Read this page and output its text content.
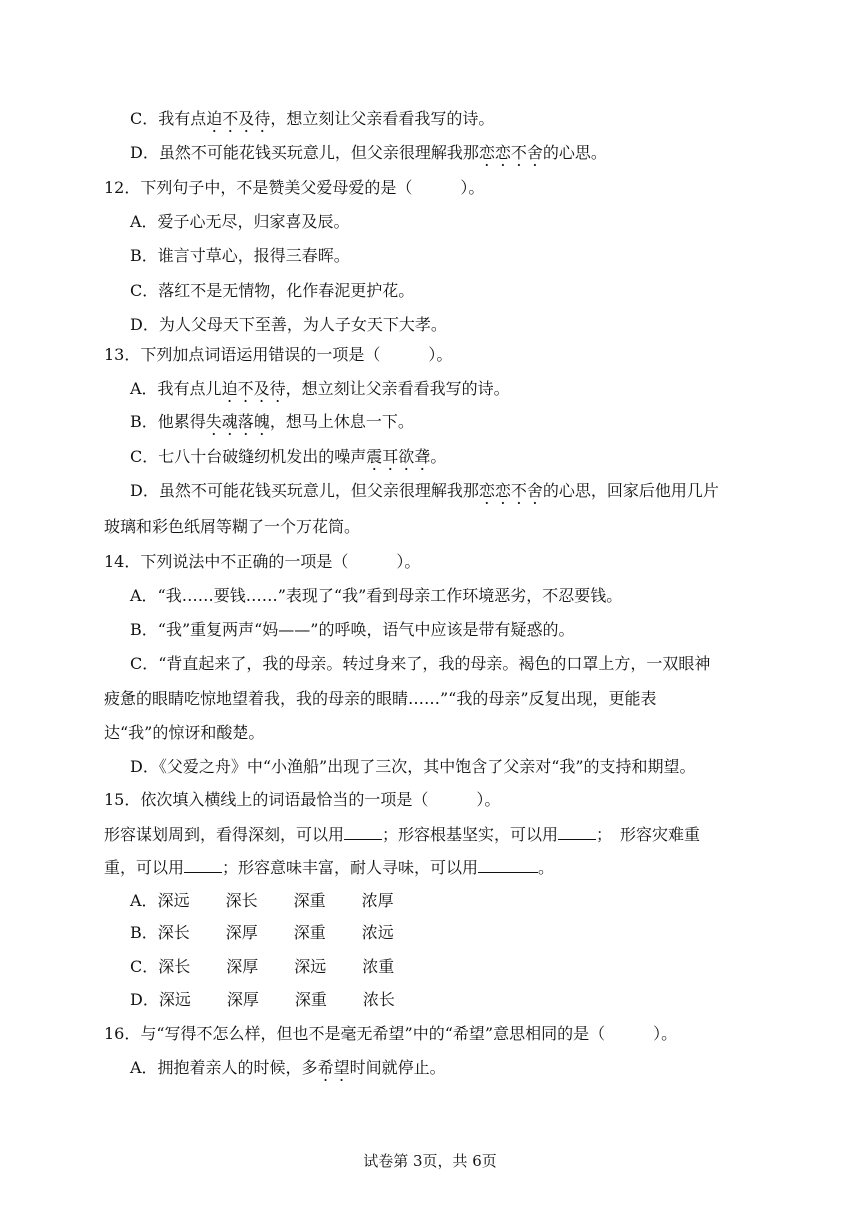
C．我有点迫不及待，想立刻让父亲看看我写的诗。
D．虽然不可能花钱买玩意儿，但父亲很理解我那恋恋不舍的心思。
12．下列句子中，不是赞美父爱母爱的是（　　　）。
A．爱子心无尽，归家喜及辰。
B．谁言寸草心，报得三春晖。
C．落红不是无情物，化作春泥更护花。
D．为人父母天下至善，为人子女天下大孝。
13．下列加点词语运用错误的一项是（　　　）。
A．我有点儿迫不及待，想立刻让父亲看看我写的诗。
B．他累得失魂落魄，想马上休息一下。
C．七八十台破缝纫机发出的噪声震耳欲聋。
D．虽然不可能花钱买玩意儿，但父亲很理解我那恋恋不舍的心思，回家后他用几片
玻璃和彩色纸屑等糊了一个万花筒。
14．下列说法中不正确的一项是（　　　）。
A．“我……要钱……”表现了“我”看到母亲工作环境恶劣，不忍要钱。
B．“我”重复两声“妈——”的呼唤，语气中应该是带有疑惑的。
C．“背直起来了，我的母亲。转过身来了，我的母亲。褐色的口罩上方，一双眼神
疲惫的眼睛吃惊地望着我，我的母亲的眼睛……”“我的母亲”反复出现，更能表
达“我”的惊讶和酸楚。
D．《父爱之舟》中“小渔船”出现了三次，其中饱含了父亲对“我”的支持和期望。
15．依次填入横线上的词语最恰当的一项是（　　　）。
形容谋划周到，看得深刻，可以用 ；形容根基坚实，可以用 ；　形容灾难重
重，可以用 ；形容意味丰富，耐人寻味，可以用	。
A．深远 深长 深重 浓厚
B．深长 深厚 深重 浓远
C．深长 深厚 深远 浓重
D．深远 深厚 深重 浓长
16．与“写得不怎么样，但也不是毫无希望”中的“希望”意思相同的是（　　　）。
A．拥抱着亲人的时候，多希望时间就停止。
试卷第 3页，共 6页
